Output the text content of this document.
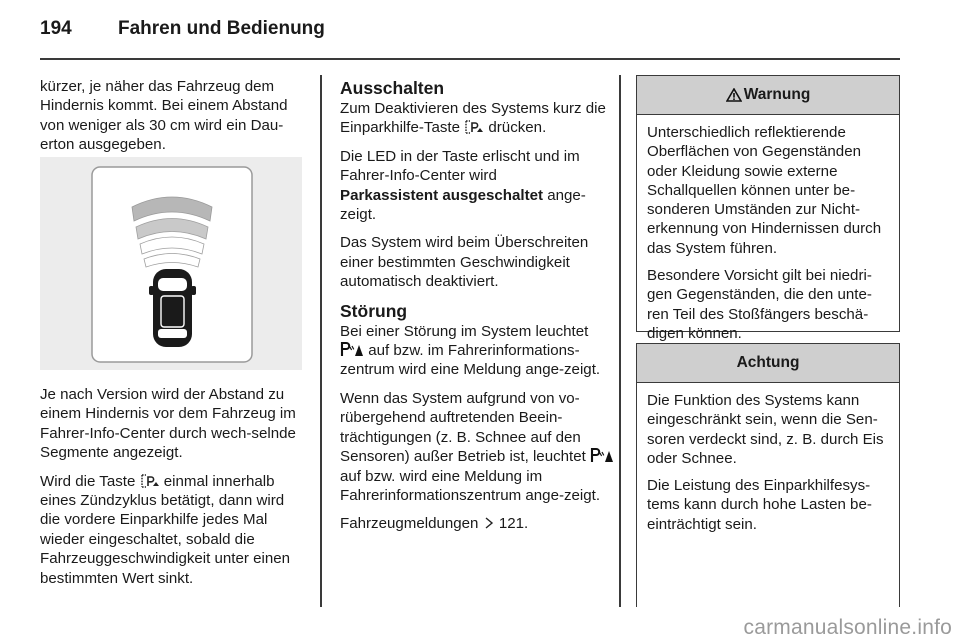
194 Fahren und Bedienung

kürzer, je näher das Fahrzeug dem Hindernis kommt. Bei einem Abstand von weniger als 30 cm wird ein Dau-erton ausgegeben.

Je nach Version wird der Abstand zu einem Hindernis vor dem Fahrzeug im Fahrer-Info-Center durch wech-selnde Segmente angezeigt.

Wird die Taste einmal innerhalb eines Zündzyklus betätigt, dann wird die vordere Einparkhilfe jedes Mal wieder eingeschaltet, sobald die Fahrzeuggeschwindigkeit unter einen bestimmten Wert sinkt.

Ausschalten

Zum Deaktivieren des Systems kurz die Einparkhilfe-Taste drücken.

Die LED in der Taste erlischt und im Fahrer-Info-Center wird

Parkassistent ausgeschaltet ange-zeigt.

Das System wird beim Überschreiten einer bestimmten Geschwindigkeit automatisch deaktiviert.

Störung

Bei einer Störung im System leuchtet  auf bzw. im Fahrerinformations-zentrum wird eine Meldung ange-zeigt.

Wenn das System aufgrund von vo-rübergehend auftretenden Beein-trächtigungen (z. B. Schnee auf den Sensoren) außer Betrieb ist, leuchtet  auf bzw. wird eine Meldung im Fahrerinformationszentrum ange-zeigt.

Fahrzeugmeldungen 121.

Warnung

Unterschiedlich reflektierende Oberflächen von Gegenständen oder Kleidung sowie externe Schallquellen können unter be-sonderen Umständen zur Nicht-erkennung von Hindernissen durch das System führen.

Besondere Vorsicht gilt bei niedri-gen Gegenständen, die den unte-ren Teil des Stoßfängers beschä-digen können.

Achtung

Die Funktion des Systems kann eingeschränkt sein, wenn die Sen-soren verdeckt sind, z. B. durch Eis oder Schnee.

Die Leistung des Einparkhilfesys-tems kann durch hohe Lasten be-einträchtigt sein.

carmanualsonline.info
